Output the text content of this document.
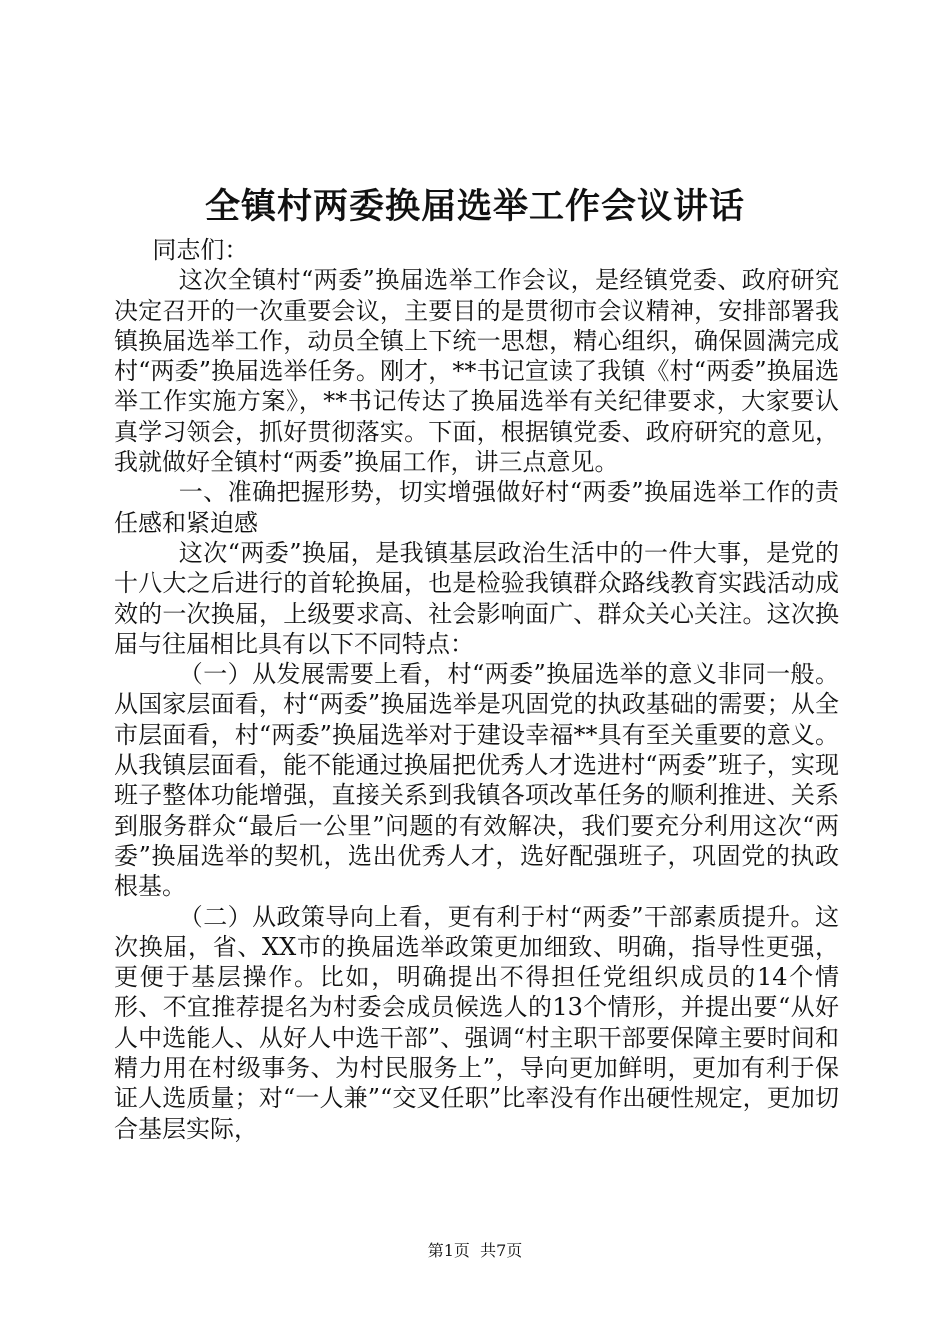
全镇村两委换届选举工作会议讲话

同志们：

这次全镇村“两委”换届选举工作会议，是经镇党委、政府研究决定召开的一次重要会议，主要目的是贯彻市会议精神，安排部署我镇换届选举工作，动员全镇上下统一思想，精心组织，确保圆满完成村“两委”换届选举任务。刚才，**书记宣读了我镇《村“两委”换届选举工作实施方案》，**书记传达了换届选举有关纪律要求，大家要认真学习领会，抓好贯彻落实。下面，根据镇党委、政府研究的意见，我就做好全镇村“两委”换届工作，讲三点意见。

一、准确把握形势，切实增强做好村“两委”换届选举工作的责任感和紧迫感

这次“两委”换届，是我镇基层政治生活中的一件大事，是党的十八大之后进行的首轮换届，也是检验我镇群众路线教育实践活动成效的一次换届，上级要求高、社会影响面广、群众关心关注。这次换届与往届相比具有以下不同特点：

（一）从发展需要上看，村“两委”换届选举的意义非同一般。从国家层面看，村“两委”换届选举是巩固党的执政基础的需要；从全市层面看，村“两委”换届选举对于建设幸福**具有至关重要的意义。从我镇层面看，能不能通过换届把优秀人才选进村“两委”班子，实现班子整体功能增强，直接关系到我镇各项改革任务的顺利推进、关系到服务群众“最后一公里”问题的有效解决，我们要充分利用这次“两委”换届选举的契机，选出优秀人才，选好配强班子，巩固党的执政根基。

（二）从政策导向上看，更有利于村“两委”干部素质提升。这次换届，省、XX市的换届选举政策更加细致、明确，指导性更强，更便于基层操作。比如，明确提出不得担任党组织成员的14个情形、不宜推荐提名为村委会成员候选人的13个情形，并提出要“从好人中选能人、从好人中选干部”、强调“村主职干部要保障主要时间和精力用在村级事务、为村民服务上”，导向更加鲜明，更加有利于保证人选质量；对“一人兼”“交叉任职”比率没有作出硬性规定，更加切合基层实际，

第1页 共7页
